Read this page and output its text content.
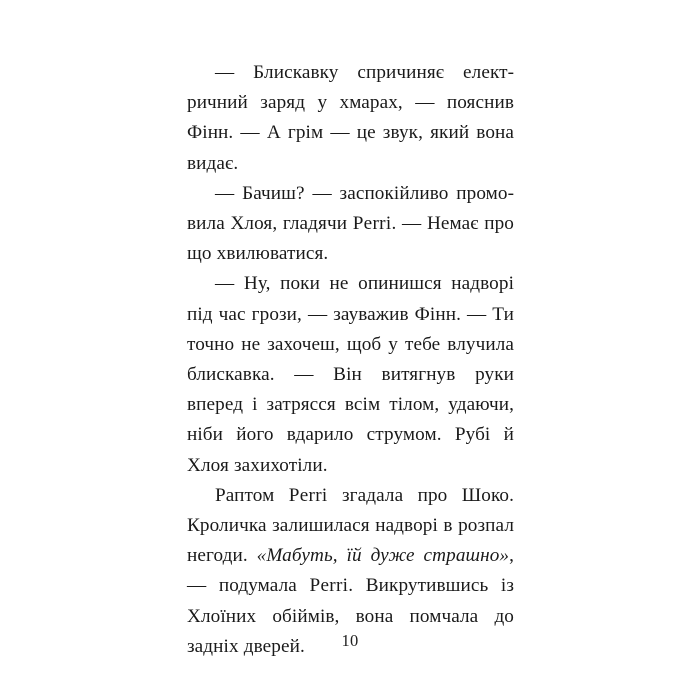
— Блискавку спричиняє електричний заряд у хмарах, — пояснив Фінн. — А грім — це звук, який вона видає.

— Бачиш? — заспокійливо промовила Хлоя, гладячи Perri. — Немає про що хвилюватися.

— Ну, поки не опинишся надворі під час грози, — зауважив Фінн. — Ти точно не захочеш, щоб у тебе влучила блискавка. — Він витягнув руки вперед і затрясся всім тілом, удаючи, ніби його вдарило струмом. Рубі й Хлоя захихотіли.

Раптом Perri згадала про Шоко. Кроличка залишилася надворі в розпал негоди. «Мабуть, їй дуже страшно», — подумала Perri. Викрутившись із Хлоїних обіймів, вона помчала до задніх дверей.	10
